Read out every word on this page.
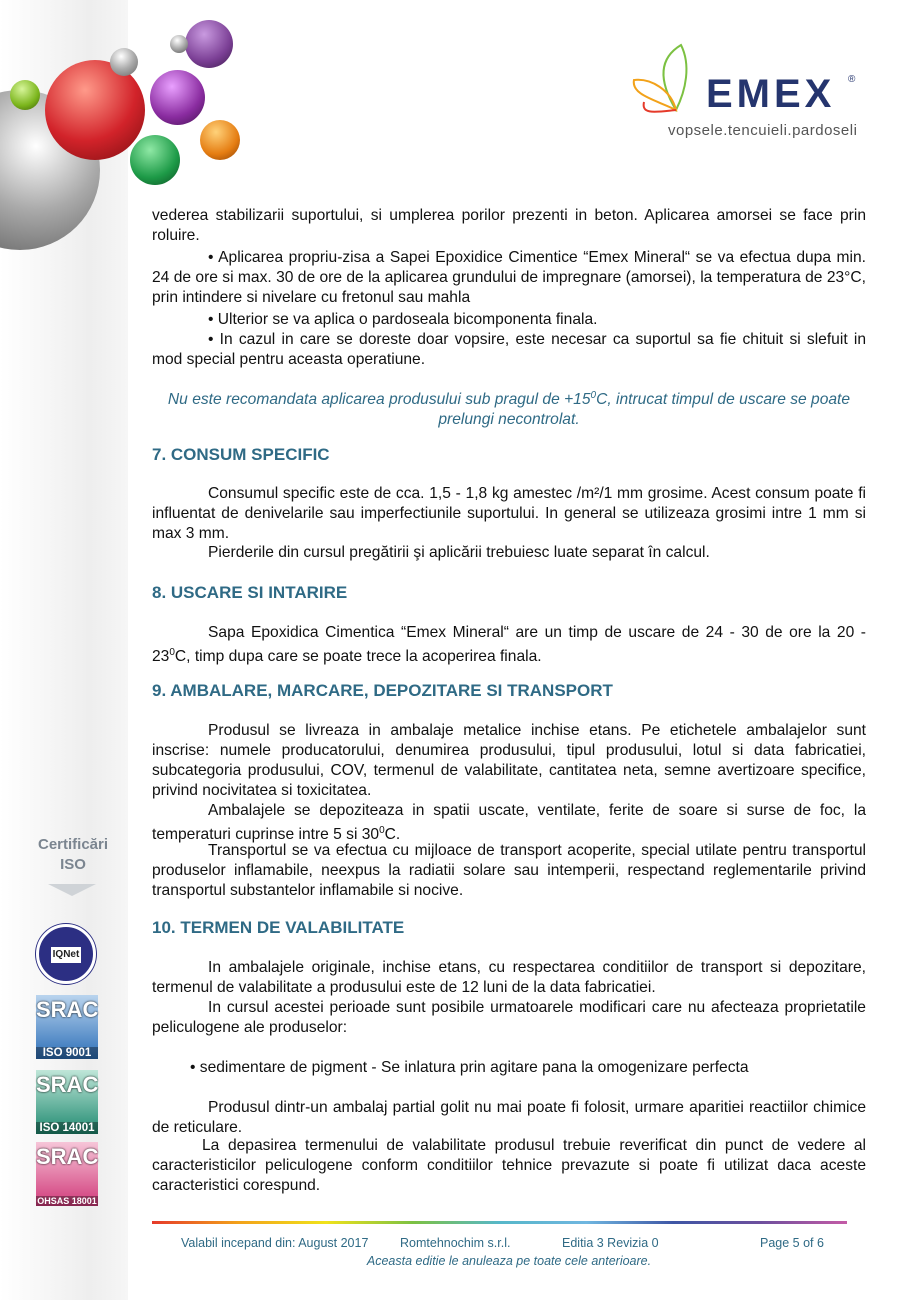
EMEX ®
vopsele.tencuieli.pardoseli
Certificări
ISO
IQNet
SRAC
ISO 9001
SRAC
ISO 14001
SRAC
OHSAS 18001
vederea stabilizarii suportului, si umplerea porilor prezenti in beton. Aplicarea amorsei se face prin roluire.
• Aplicarea propriu-zisa a Sapei Epoxidice Cimentice “Emex Mineral“ se va efectua dupa min. 24 de ore si max. 30 de ore de la aplicarea grundului de impregnare (amorsei), la temperatura de 23°C, prin intindere si nivelare cu fretonul sau mahla
• Ulterior se va aplica o pardoseala bicomponenta finala.
• In cazul in care se doreste doar vopsire, este necesar ca suportul sa fie chituit si slefuit in mod special pentru aceasta operatiune.
Nu este recomandata aplicarea produsului sub pragul de $+15^0C$, intrucat timpul de uscare se poate prelungi necontrolat.
7. CONSUM SPECIFIC
Consumul specific este de cca. 1,5 - 1,8 kg amestec /m²/1 mm grosime. Acest consum poate fi influentat de denivelarile sau imperfectiunile suportului. In general se utilizeaza grosimi intre 1 mm si max 3 mm.
Pierderile din cursul pregătirii şi aplicării trebuiesc luate separat în calcul.
8. USCARE SI INTARIRE
Sapa Epoxidica Cimentica “Emex Mineral“ are un timp de uscare de 24 - 30 de ore la $20 - 23^0C$, timp dupa care se poate trece la acoperirea finala.
9. AMBALARE, MARCARE, DEPOZITARE SI TRANSPORT
Produsul se livreaza in ambalaje metalice inchise etans. Pe etichetele ambalajelor sunt inscrise: numele producatorului, denumirea produsului, tipul produsului, lotul si data fabricatiei, subcategoria produsului, COV, termenul de valabilitate, cantitatea neta, semne avertizoare specifice, privind nocivitatea si toxicitatea.
Ambalajele se depoziteaza in spatii uscate, ventilate, ferite de soare si surse de foc, la temperaturi cuprinse intre 5 si $30^0C$.
Transportul se va efectua cu mijloace de transport acoperite, special utilate pentru transportul produselor inflamabile, neexpus la radiatii solare sau intemperii, respectand reglementarile privind transportul substantelor inflamabile si nocive.
10. TERMEN DE VALABILITATE
In ambalajele originale, inchise etans, cu respectarea conditiilor de transport si depozitare, termenul de valabilitate a produsului este de 12 luni de la data fabricatiei.
In cursul acestei perioade sunt posibile urmatoarele modificari care nu afecteaza proprietatile peliculogene ale produselor:
• sedimentare de pigment - Se inlatura prin agitare pana la omogenizare perfecta
Produsul dintr-un ambalaj partial golit nu mai poate fi folosit, urmare aparitiei reactiilor chimice de reticulare.
La depasirea termenului de valabilitate produsul trebuie reverificat din punct de vedere al caracteristicilor peliculogene conform conditiilor tehnice prevazute si poate fi utilizat daca aceste caracteristici corespund.
Valabil incepand din: August 2017	Romtehnochim s.r.l.	Editia 3 Revizia 0	Page 5 of 6
Aceasta editie le anuleaza pe toate cele anterioare.
